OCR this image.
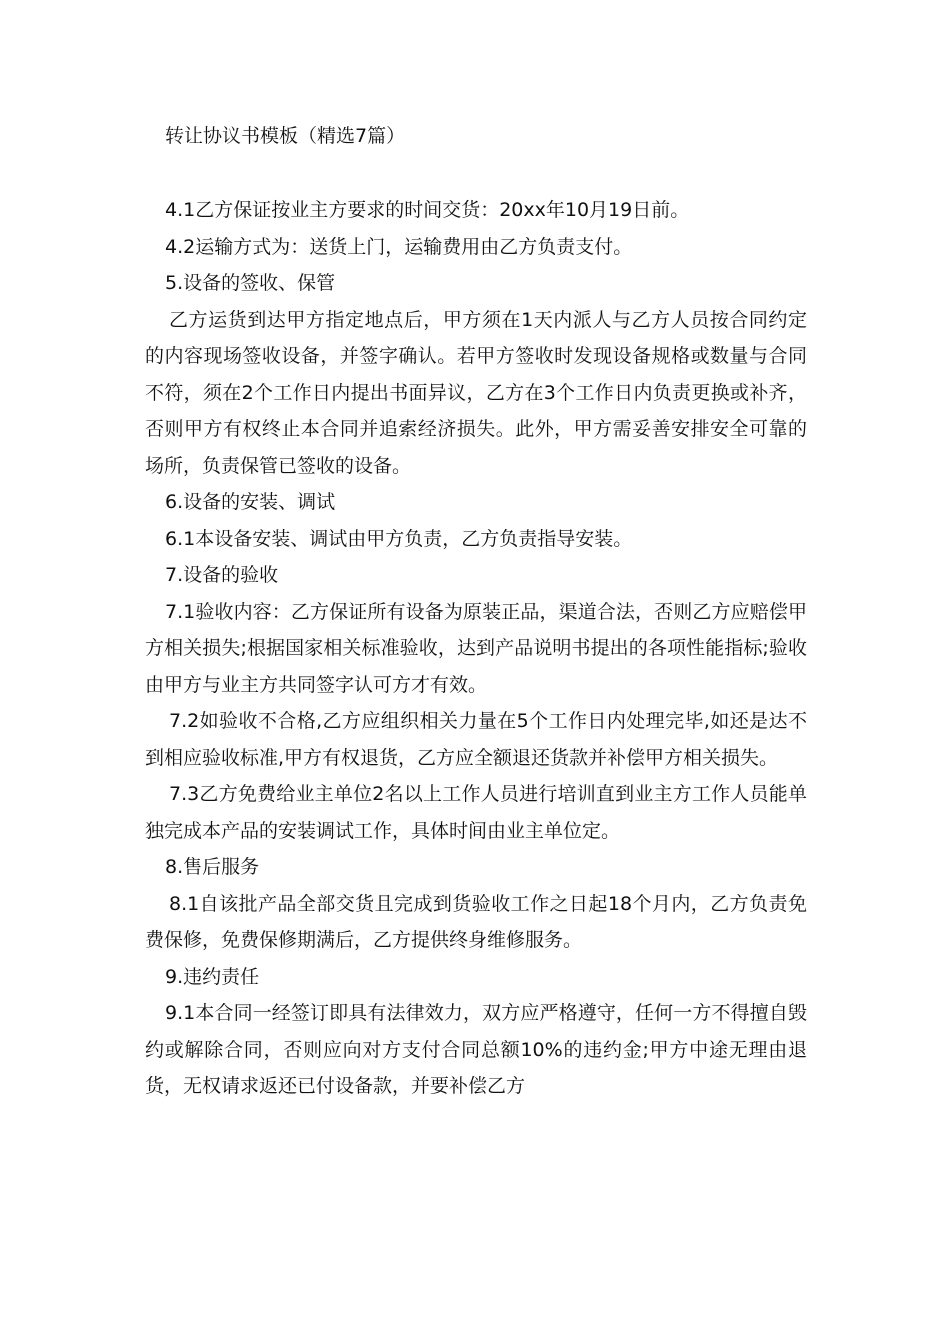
转让协议书模板（精选7篇）

4.1乙方保证按业主方要求的时间交货：20xx年10月19日前。

4.2运输方式为：送货上门，运输费用由乙方负责支付。

5.设备的签收、保管

乙方运货到达甲方指定地点后，甲方须在1天内派人与乙方人员按合同约定的内容现场签收设备，并签字确认。若甲方签收时发现设备规格或数量与合同不符，须在2个工作日内提出书面异议，乙方在3个工作日内负责更换或补齐，否则甲方有权终止本合同并追索经济损失。此外，甲方需妥善安排安全可靠的场所，负责保管已签收的设备。

6.设备的安装、调试

6.1本设备安装、调试由甲方负责，乙方负责指导安装。

7.设备的验收

7.1验收内容：乙方保证所有设备为原装正品，渠道合法，否则乙方应赔偿甲方相关损失;根据国家相关标准验收，达到产品说明书提出的各项性能指标;验收由甲方与业主方共同签字认可方才有效。

7.2如验收不合格,乙方应组织相关力量在5个工作日内处理完毕,如还是达不到相应验收标准,甲方有权退货，乙方应全额退还货款并补偿甲方相关损失。

7.3乙方免费给业主单位2名以上工作人员进行培训直到业主方工作人员能单独完成本产品的安装调试工作，具体时间由业主单位定。

8.售后服务

8.1自该批产品全部交货且完成到货验收工作之日起18个月内，乙方负责免费保修，免费保修期满后，乙方提供终身维修服务。

9.违约责任

9.1本合同一经签订即具有法律效力，双方应严格遵守，任何一方不得擅自毁约或解除合同，否则应向对方支付合同总额10%的违约金;甲方中途无理由退货，无权请求返还已付设备款，并要补偿乙方
